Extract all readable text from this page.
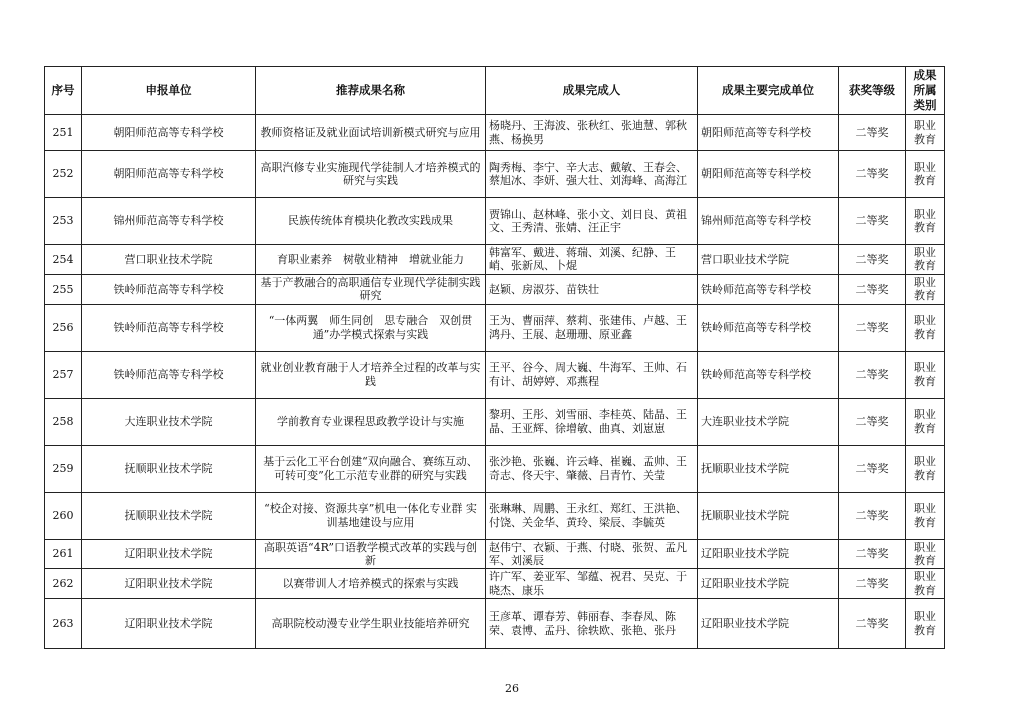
序号	申报单位	推荐成果名称	成果完成人	成果主要完成单位	获奖等级	成果所属类别
251	朝阳师范高等专科学校	教师资格证及就业面试培训新模式研究与应用	杨晓丹、王海波、张秋红、张迪慧、郭秋燕、杨换男	朝阳师范高等专科学校	二等奖	职业教育
252	朝阳师范高等专科学校	高职汽修专业实施现代学徒制人才培养模式的研究与实践	陶秀梅、李宁、辛大志、戴敏、王春会、蔡旭冰、李妍、强大壮、刘海峰、高海江	朝阳师范高等专科学校	二等奖	职业教育
253	锦州师范高等专科学校	民族传统体育模块化教改实践成果	贾锦山、赵林峰、张小文、刘日良、黄祖文、王秀清、张婧、汪正宇	锦州师范高等专科学校	二等奖	职业教育
254	营口职业技术学院	育职业素养　树敬业精神　增就业能力	韩富军、戴进、蒋瑞、刘溪、纪静、王峭、张新凤、卜焜	营口职业技术学院	二等奖	职业教育
255	铁岭师范高等专科学校	基于产教融合的高职通信专业现代学徒制实践研究	赵颖、房淑芬、苗铁壮	铁岭师范高等专科学校	二等奖	职业教育
256	铁岭师范高等专科学校	“一体两翼　师生同创　思专融合　双创贯通”办学模式探索与实践	王为、曹丽萍、蔡莉、张建伟、卢越、王鸿丹、王展、赵珊珊、原亚鑫	铁岭师范高等专科学校	二等奖	职业教育
257	铁岭师范高等专科学校	就业创业教育融于人才培养全过程的改革与实践	王平、谷今、周大巍、牛海军、王帅、石有计、胡婷婷、邓燕程	铁岭师范高等专科学校	二等奖	职业教育
258	大连职业技术学院	学前教育专业课程思政教学设计与实施	黎玥、王彤、刘雪丽、李桂英、陆晶、王晶、王亚辉、徐增敏、曲真、刘崽崽	大连职业技术学院	二等奖	职业教育
259	抚顺职业技术学院	基于云化工平台创建“双向融合、赛练互动、可转可变”化工示范专业群的研究与实践	张沙艳、张巍、许云峰、崔巍、孟帅、王奇志、佟天宇、肇薇、吕青竹、关莹	抚顺职业技术学院	二等奖	职业教育
260	抚顺职业技术学院	“校企对接、资源共享”机电一体化专业群 实训基地建设与应用	张琳琳、周鹏、王永红、郑红、王洪艳、付饶、关金华、黄玲、梁辰、李毓英	抚顺职业技术学院	二等奖	职业教育
261	辽阳职业技术学院	高职英语“4R”口语教学模式改革的实践与创新	赵伟宁、衣颖、于燕、付晓、张贺、孟凡军、刘溪辰	辽阳职业技术学院	二等奖	职业教育
262	辽阳职业技术学院	以赛带训人才培养模式的探索与实践	许广军、姜亚军、邹蕴、祝君、吴克、于晓杰、康乐	辽阳职业技术学院	二等奖	职业教育
263	辽阳职业技术学院	高职院校动漫专业学生职业技能培养研究	王彦革、谭春芳、韩丽春、李春凤、陈荣、袁博、孟丹、徐轶欧、张艳、张丹	辽阳职业技术学院	二等奖	职业教育
26
